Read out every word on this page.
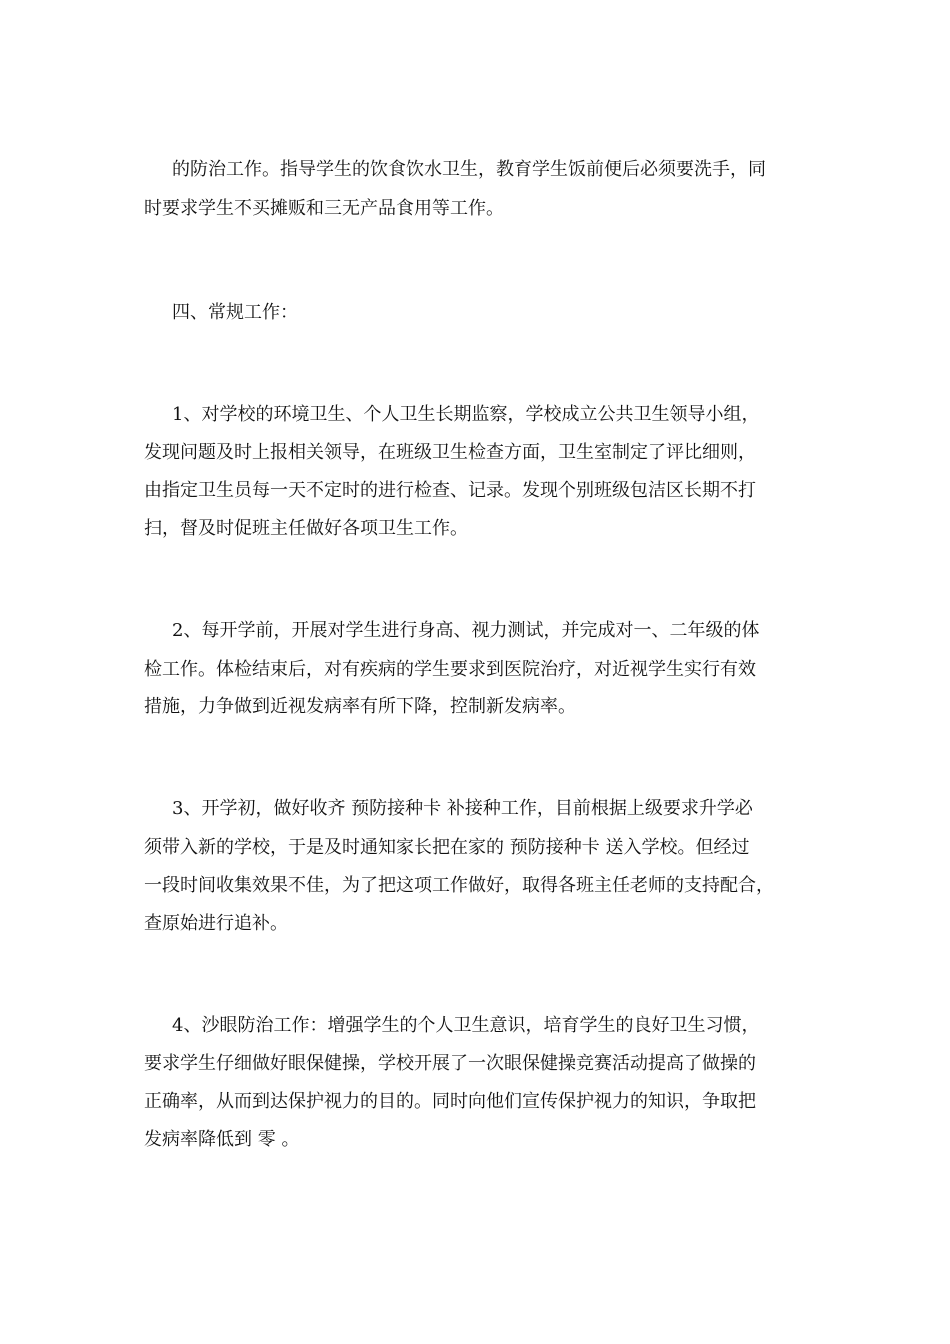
的防治工作。指导学生的饮食饮水卫生，教育学生饭前便后必须要洗手，同
时要求学生不买摊贩和三无产品食用等工作。
四、常规工作：
1、对学校的环境卫生、个人卫生长期监察，学校成立公共卫生领导小组，
发现问题及时上报相关领导，在班级卫生检查方面，卫生室制定了评比细则，
由指定卫生员每一天不定时的进行检查、记录。发现个别班级包洁区长期不打
扫，督及时促班主任做好各项卫生工作。
2、每开学前，开展对学生进行身高、视力测试，并完成对一、二年级的体
检工作。体检结束后，对有疾病的学生要求到医院治疗，对近视学生实行有效
措施，力争做到近视发病率有所下降，控制新发病率。
3、开学初，做好收齐 预防接种卡 补接种工作，目前根据上级要求升学必
须带入新的学校，于是及时通知家长把在家的 预防接种卡 送入学校。但经过
一段时间收集效果不佳，为了把这项工作做好，取得各班主任老师的支持配合，
查原始进行追补。
4、沙眼防治工作：增强学生的个人卫生意识，培育学生的良好卫生习惯，
要求学生仔细做好眼保健操，学校开展了一次眼保健操竞赛活动提高了做操的
正确率，从而到达保护视力的目的。同时向他们宣传保护视力的知识，争取把
发病率降低到 零 。
